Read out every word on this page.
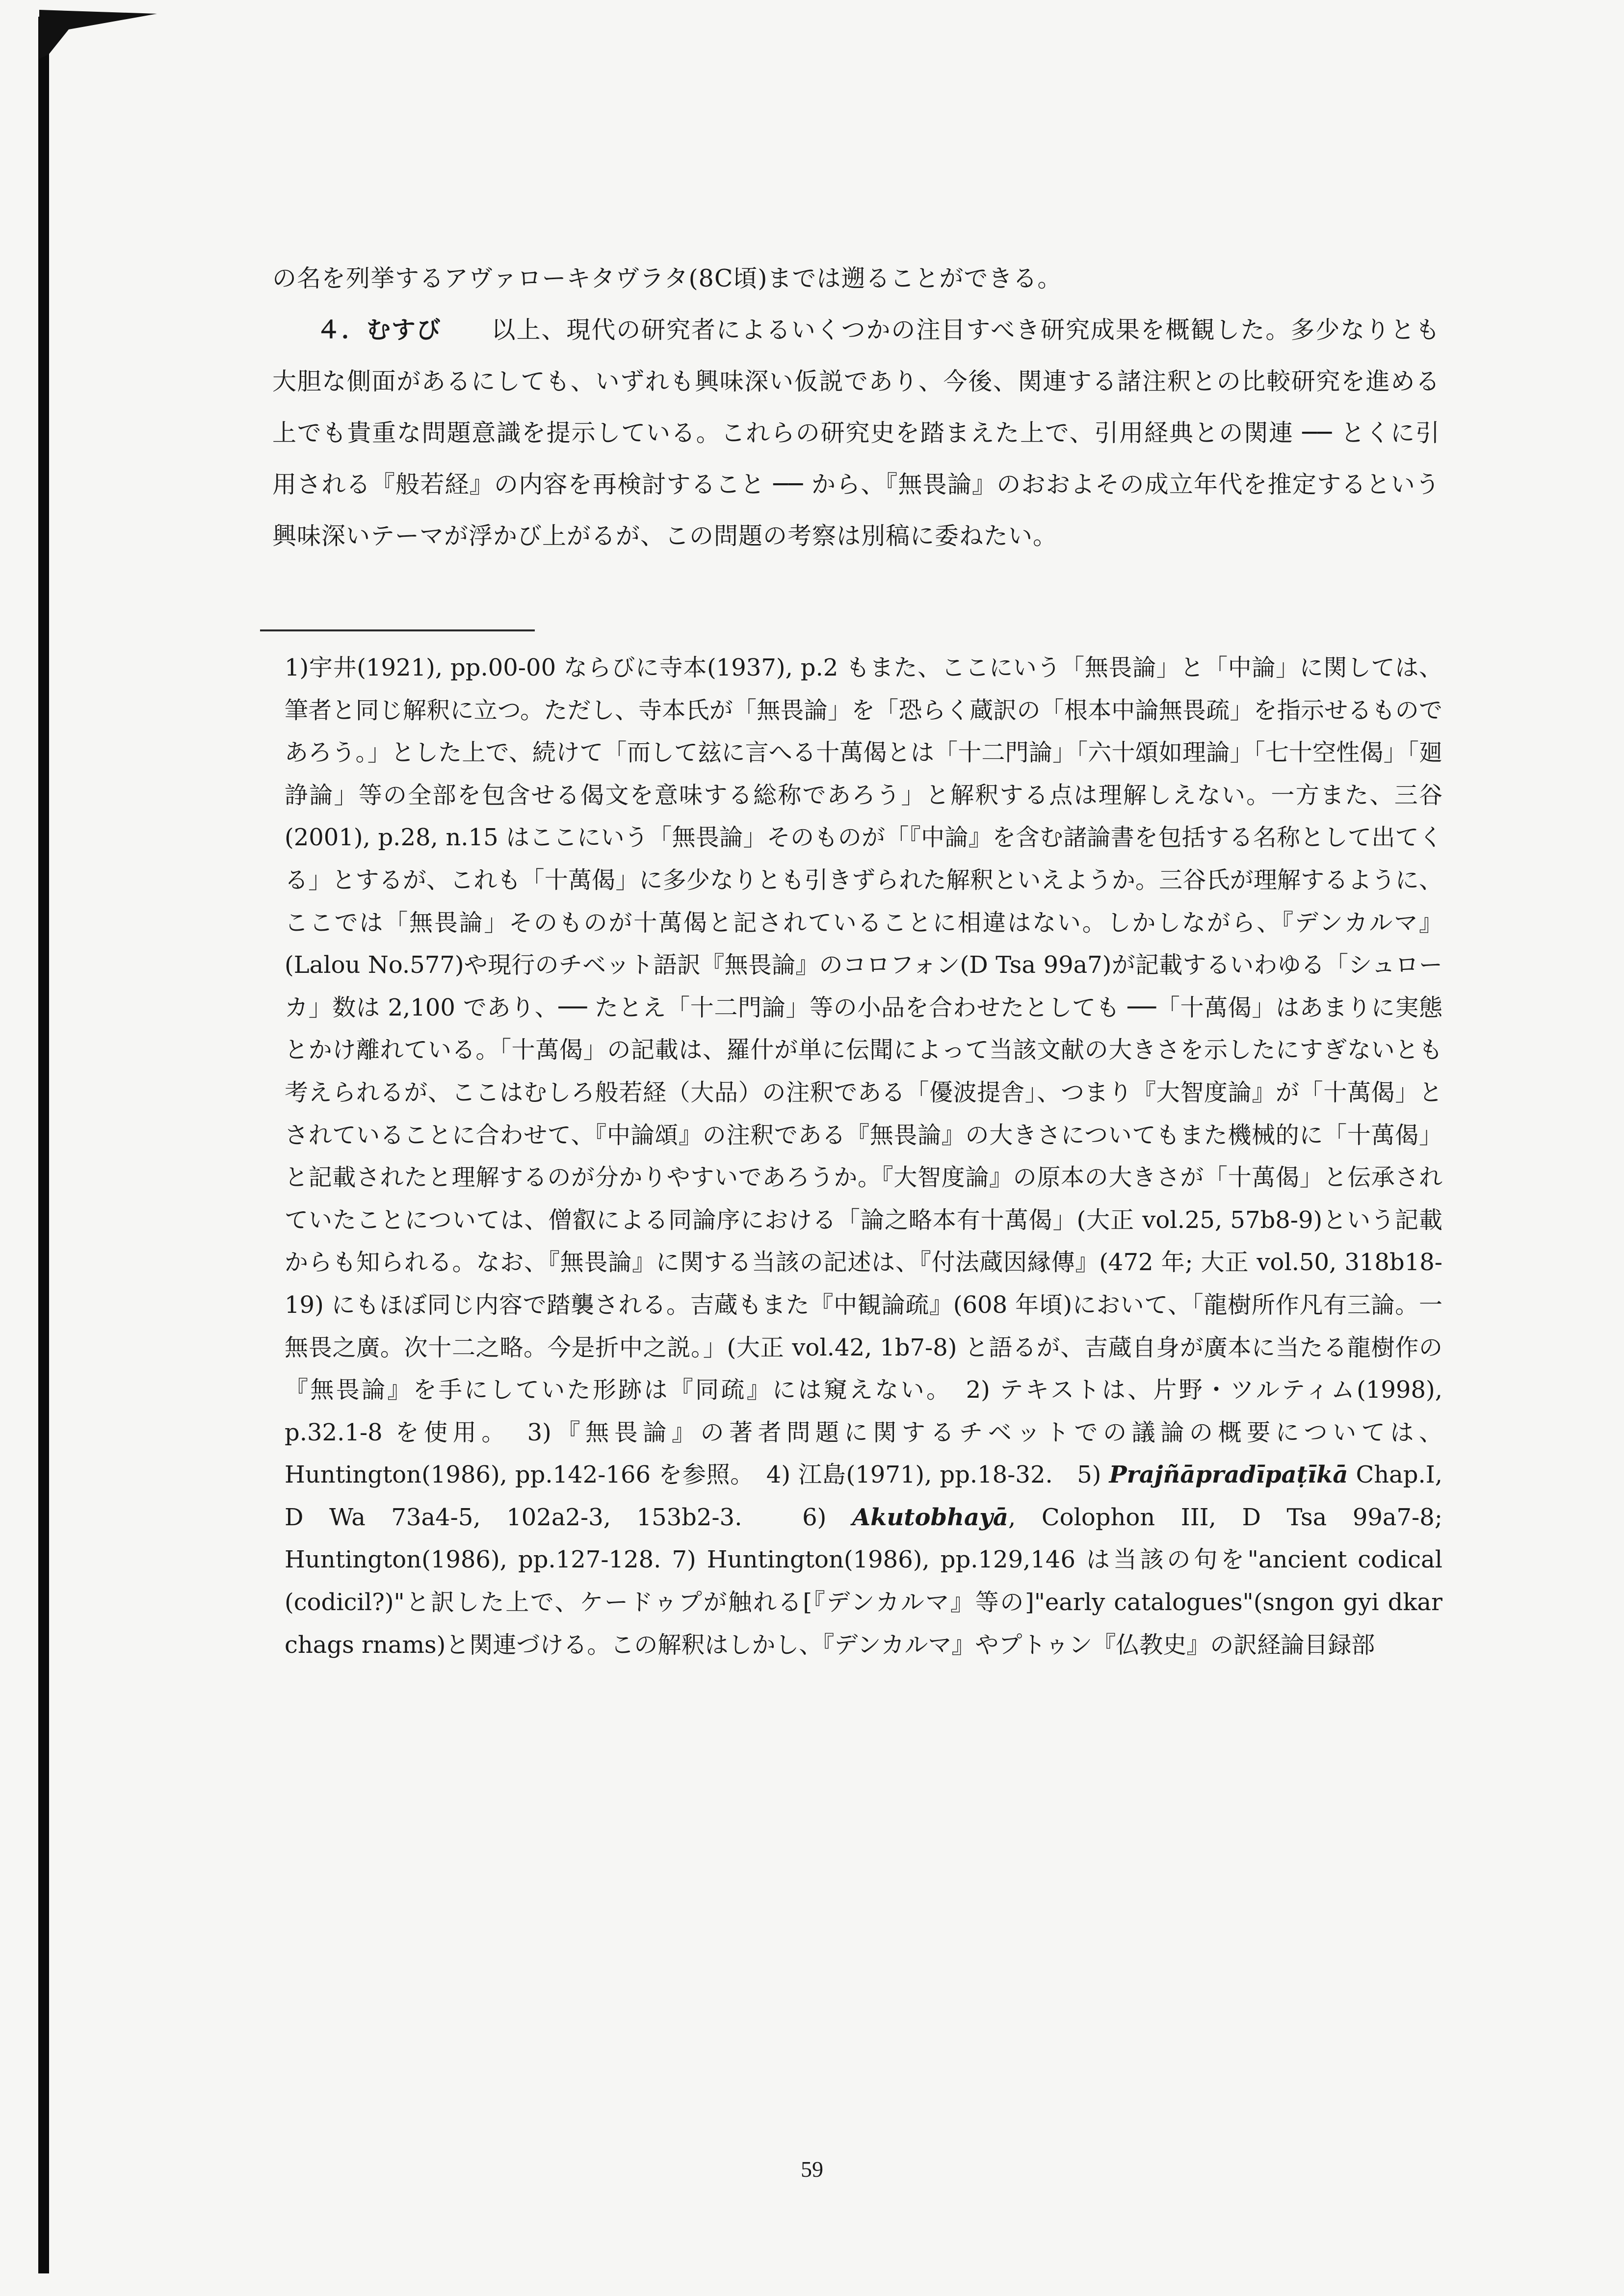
の名を列挙するアヴァローキタヴラタ(8C頃)までは遡ることができる。

４．むすび　　 以上、現代の研究者によるいくつかの注目すべき研究成果を概観した。多少なりとも大胆な側面があるにしても、いずれも興味深い仮説であり、今後、関連する諸注釈との比較研究を進める上でも貴重な問題意識を提示している。これらの研究史を踏まえた上で、引用経典との関連 ── とくに引用される『般若経』の内容を再検討すること ── から、『無畏論』のおおよその成立年代を推定するという興味深いテーマが浮かび上がるが、この問題の考察は別稿に委ねたい。

1)宇井(1921), pp.00-00 ならびに寺本(1937), p.2 もまた、ここにいう「無畏論」と「中論」に関しては、筆者と同じ解釈に立つ。ただし、寺本氏が「無畏論」を「恐らく蔵訳の「根本中論無畏疏」を指示せるものであろう。」とした上で、続けて「而して玆に言へる十萬偈とは「十二門論」「六十頌如理論」「七十空性偈」「廻諍論」等の全部を包含せる偈文を意味する総称であろう」と解釈する点は理解しえない。一方また、三谷(2001), p.28, n.15 はここにいう「無畏論」そのものが「『中論』を含む諸論書を包括する名称として出てくる」とするが、これも「十萬偈」に多少なりとも引きずられた解釈といえようか。三谷氏が理解するように、ここでは「無畏論」そのものが十萬偈と記されていることに相違はない。しかしながら、『デンカルマ』(Lalou No.577)や現行のチベット語訳『無畏論』のコロフォン(D Tsa 99a7)が記載するいわゆる「シュローカ」数は 2,100 であり、── たとえ「十二門論」等の小品を合わせたとしても ──「十萬偈」はあまりに実態とかけ離れている。「十萬偈」の記載は、羅什が単に伝聞によって当該文献の大きさを示したにすぎないとも考えられるが、ここはむしろ般若経（大品）の注釈である「優波提舎」、つまり『大智度論』が「十萬偈」とされていることに合わせて、『中論頌』の注釈である『無畏論』の大きさについてもまた機械的に「十萬偈」と記載されたと理解するのが分かりやすいであろうか。『大智度論』の原本の大きさが「十萬偈」と伝承されていたことについては、僧叡による同論序における「論之略本有十萬偈」(大正 vol.25, 57b8-9)という記載からも知られる。なお、『無畏論』に関する当該の記述は、『付法蔵因縁傳』(472 年; 大正 vol.50, 318b18-19) にもほぼ同じ内容で踏襲される。吉蔵もまた『中観論疏』(608 年頃)において、「龍樹所作凡有三論。一無畏之廣。次十二之略。今是折中之説。」(大正 vol.42, 1b7-8) と語るが、吉蔵自身が廣本に当たる龍樹作の『無畏論』を手にしていた形跡は『同疏』には窺えない。　 2) テキストは、片野・ツルティム(1998), p.32.1-8 を使用。　 3)『無畏論』の著者問題に関するチベットでの議論の概要については、Huntington(1986), pp.142-166 を参照。　 4) 江島(1971), pp.18-32.　 5) Prajñāpradīpaṭīkā Chap.I, D Wa 73a4-5, 102a2-3, 153b2-3.　	6) Akutobhayā, Colophon III, D Tsa 99a7-8; Huntington(1986), pp.127-128. 7) Huntington(1986), pp.129,146 は当該の句を"ancient codical (codicil?)"と訳した上で、ケードゥプが触れる[『デンカルマ』等の]"early catalogues"(sngon gyi dkar chags rnams)と関連づける。この解釈はしかし、『デンカルマ』やプトゥン『仏教史』の訳経論目録部

59
